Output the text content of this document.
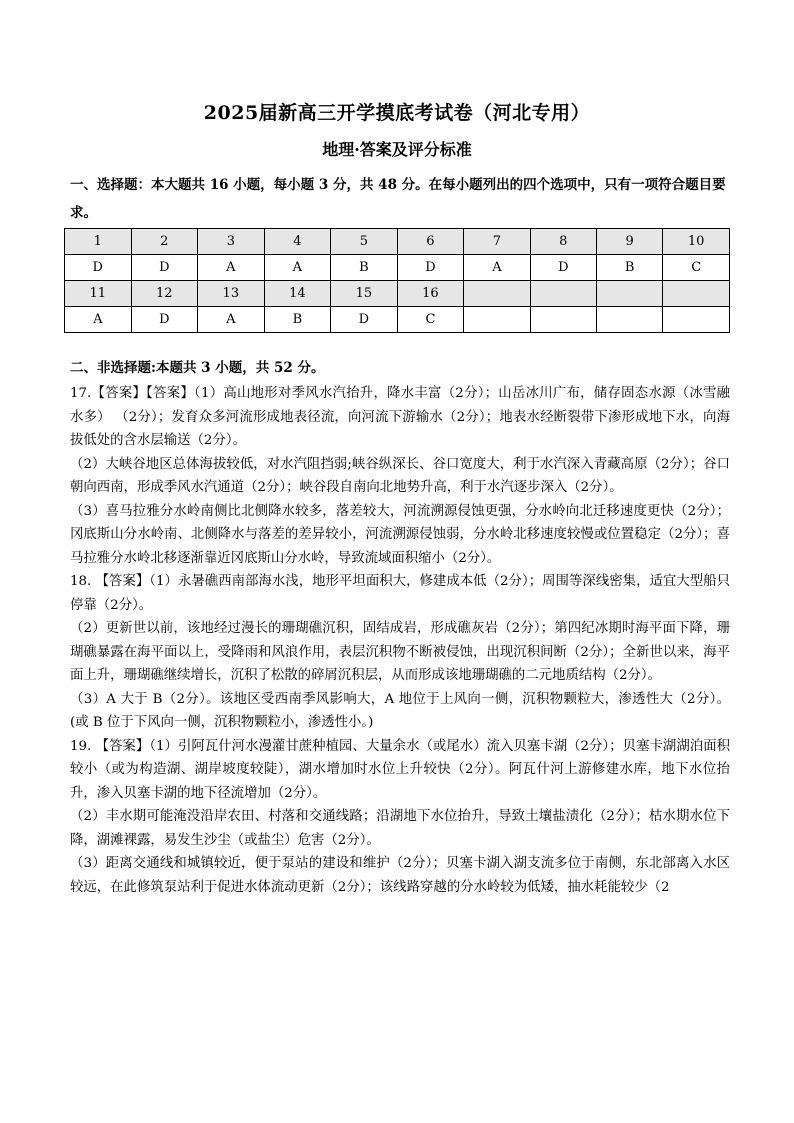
2025届新高三开学摸底考试卷（河北专用）
地理·答案及评分标准
一、选择题：本大题共 16 小题，每小题 3 分，共 48 分。在每小题列出的四个选项中，只有一项符合题目要求。
1	2	3	4	5	6	7	8	9	10
D	D	A	A	B	D	A	D	B	C
11	12	13	14	15	16				
A	D	A	B	D	C				
二、非选择题:本题共 3 小题，共 52 分。

17.【答案】【答案】（1）高山地形对季风水汽抬升，降水丰富（2分）；山岳冰川广布，储存固态水源（冰雪融水多） （2分）；发育众多河流形成地表径流，向河流下游输水（2分）；地表水经断裂带下渗形成地下水，向海拔低处的含水层输送（2分）。

（2）大峡谷地区总体海拔较低，对水汽阻挡弱;峡谷纵深长、谷口宽度大，利于水汽深入青藏高原（2分）；谷口朝向西南，形成季风水汽通道（2分）；峡谷段自南向北地势升高，利于水汽逐步深入（2分）。

（3）喜马拉雅分水岭南侧比北侧降水较多，落差较大，河流溯源侵蚀更强，分水岭向北迁移速度更快（2分）；冈底斯山分水岭南、北侧降水与落差的差异较小，河流溯源侵蚀弱，分水岭北移速度较慢或位置稳定（2分）；喜马拉雅分水岭北移逐渐靠近冈底斯山分水岭，导致流域面积缩小（2分）。

18. 【答案】（1）永暑礁西南部海水浅，地形平坦面积大，修建成本低（2分）；周围等深线密集，适宜大型船只停靠（2分）。

（2）更新世以前，该地经过漫长的珊瑚礁沉积，固结成岩，形成礁灰岩（2分）；第四纪冰期时海平面下降，珊瑚礁暴露在海平面以上，受降雨和风浪作用，表层沉积物不断被侵蚀，出现沉积间断（2分）；全新世以来，海平面上升，珊瑚礁继续增长，沉积了松散的碎屑沉积层，从而形成该地珊瑚礁的二元地质结构（2分）。

（3）A 大于 B（2分）。该地区受西南季风影响大，A 地位于上风向一侧，沉积物颗粒大，渗透性大（2分）。(或 B 位于下风向一侧，沉积物颗粒小，渗透性小。)

19. 【答案】（1）引阿瓦什河水漫灌甘蔗种植园、大量余水（或尾水）流入贝塞卡湖（2分）；贝塞卡湖湖泊面积较小（或为构造湖、湖岸坡度较陡），湖水增加时水位上升较快（2分）。阿瓦什河上游修建水库，地下水位抬升，渗入贝塞卡湖的地下径流增加（2分）。

（2）丰水期可能淹没沿岸农田、村落和交通线路；沿湖地下水位抬升，导致土壤盐渍化（2分）；枯水期水位下降，湖滩裸露，易发生沙尘（或盐尘）危害（2分）。

（3）距离交通线和城镇较近，便于泵站的建设和维护（2分）；贝塞卡湖入湖支流多位于南侧，东北部离入水区较远，在此修筑泵站利于促进水体流动更新（2分）；该线路穿越的分水岭较为低矮，抽水耗能较少（2
